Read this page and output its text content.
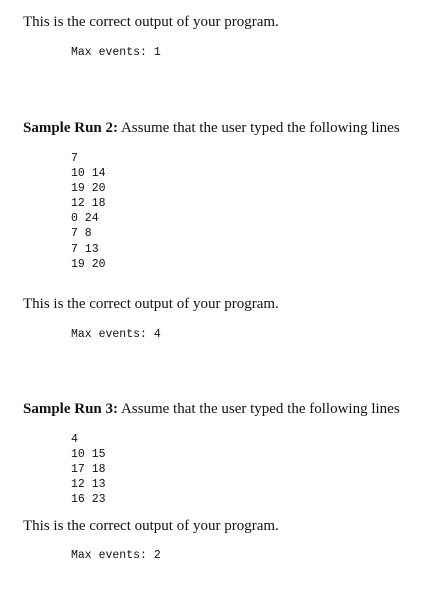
This is the correct output of your program.
Max events: 1
Sample Run 2: Assume that the user typed the following lines
7
10 14
19 20
12 18
0 24
7 8
7 13
19 20
This is the correct output of your program.
Max events: 4
Sample Run 3: Assume that the user typed the following lines
4
10 15
17 18
12 13
16 23
This is the correct output of your program.
Max events: 2
